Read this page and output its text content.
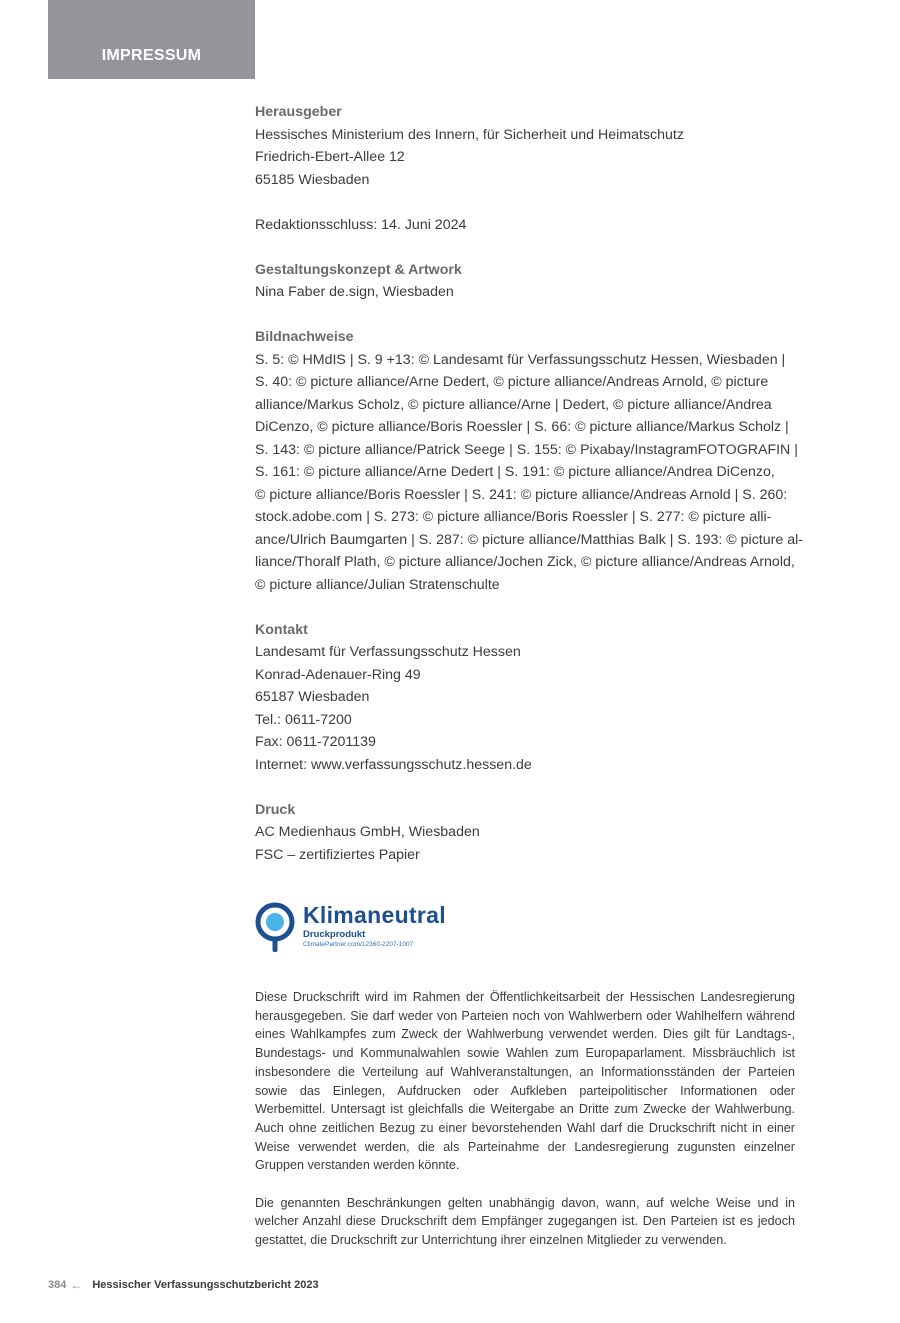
IMPRESSUM
Herausgeber
Hessisches Ministerium des Innern, für Sicherheit und Heimatschutz
Friedrich-Ebert-Allee 12
65185 Wiesbaden
Redaktionsschluss: 14. Juni 2024
Gestaltungskonzept & Artwork
Nina Faber de.sign, Wiesbaden
Bildnachweise
S. 5: © HMdIS | S. 9 +13: © Landesamt für Verfassungsschutz Hessen, Wiesbaden |
S. 40: © picture alliance/Arne Dedert, © picture alliance/Andreas Arnold, © picture
alliance/Markus Scholz, © picture alliance/Arne | Dedert, © picture alliance/Andrea
DiCenzo, © picture alliance/Boris Roessler | S. 66: © picture alliance/Markus Scholz |
S. 143: © picture alliance/Patrick Seege | S. 155: © Pixabay/InstagramFOTOGRAFIN |
S. 161: © picture alliance/Arne Dedert | S. 191: © picture alliance/Andrea DiCenzo,
© picture alliance/Boris Roessler | S. 241: © picture alliance/Andreas Arnold | S. 260:
stock.adobe.com | S. 273: © picture alliance/Boris Roessler | S. 277: © picture alli-
ance/Ulrich Baumgarten | S. 287: © picture alliance/Matthias Balk | S. 193: © picture al-
liance/Thoralf Plath, © picture alliance/Jochen Zick, © picture alliance/Andreas Arnold,
© picture alliance/Julian Stratenschulte
Kontakt
Landesamt für Verfassungsschutz Hessen
Konrad-Adenauer-Ring 49
65187 Wiesbaden
Tel.: 0611-7200
Fax: 0611-7201139
Internet: www.verfassungsschutz.hessen.de
Druck
AC Medienhaus GmbH, Wiesbaden
FSC – zertifiziertes Papier
Klimaneutral
Druckprodukt
ClimatePartner.com/12360-2207-1007

Diese Druckschrift wird im Rahmen der Öffentlichkeitsarbeit der Hessischen Landesregierung herausgegeben. Sie darf weder von Parteien noch von Wahlwerbern oder Wahlhelfern während eines Wahlkampfes zum Zweck der Wahlwerbung verwendet werden. Dies gilt für Landtags-, Bundestags- und Kommunalwahlen sowie Wahlen zum Europaparlament. Missbräuchlich ist insbesondere die Verteilung auf Wahlveranstaltungen, an Informationsständen der Parteien sowie das Einlegen, Aufdrucken oder Aufkleben parteipolitischer Informationen oder Werbemittel. Untersagt ist gleichfalls die Weitergabe an Dritte zum Zwecke der Wahlwerbung. Auch ohne zeitlichen Bezug zu einer bevorstehenden Wahl darf die Druckschrift nicht in einer Weise verwendet werden, die als Parteinahme der Landesregierung zugunsten einzelner Gruppen verstanden werden könnte.

Die genannten Beschränkungen gelten unabhängig davon, wann, auf welche Weise und in welcher Anzahl diese Druckschrift dem Empfänger zugegangen ist. Den Parteien ist es jedoch gestattet, die Druckschrift zur Unterrichtung ihrer einzelnen Mitglieder zu verwenden.

384 ← Hessischer Verfassungsschutzbericht 2023
